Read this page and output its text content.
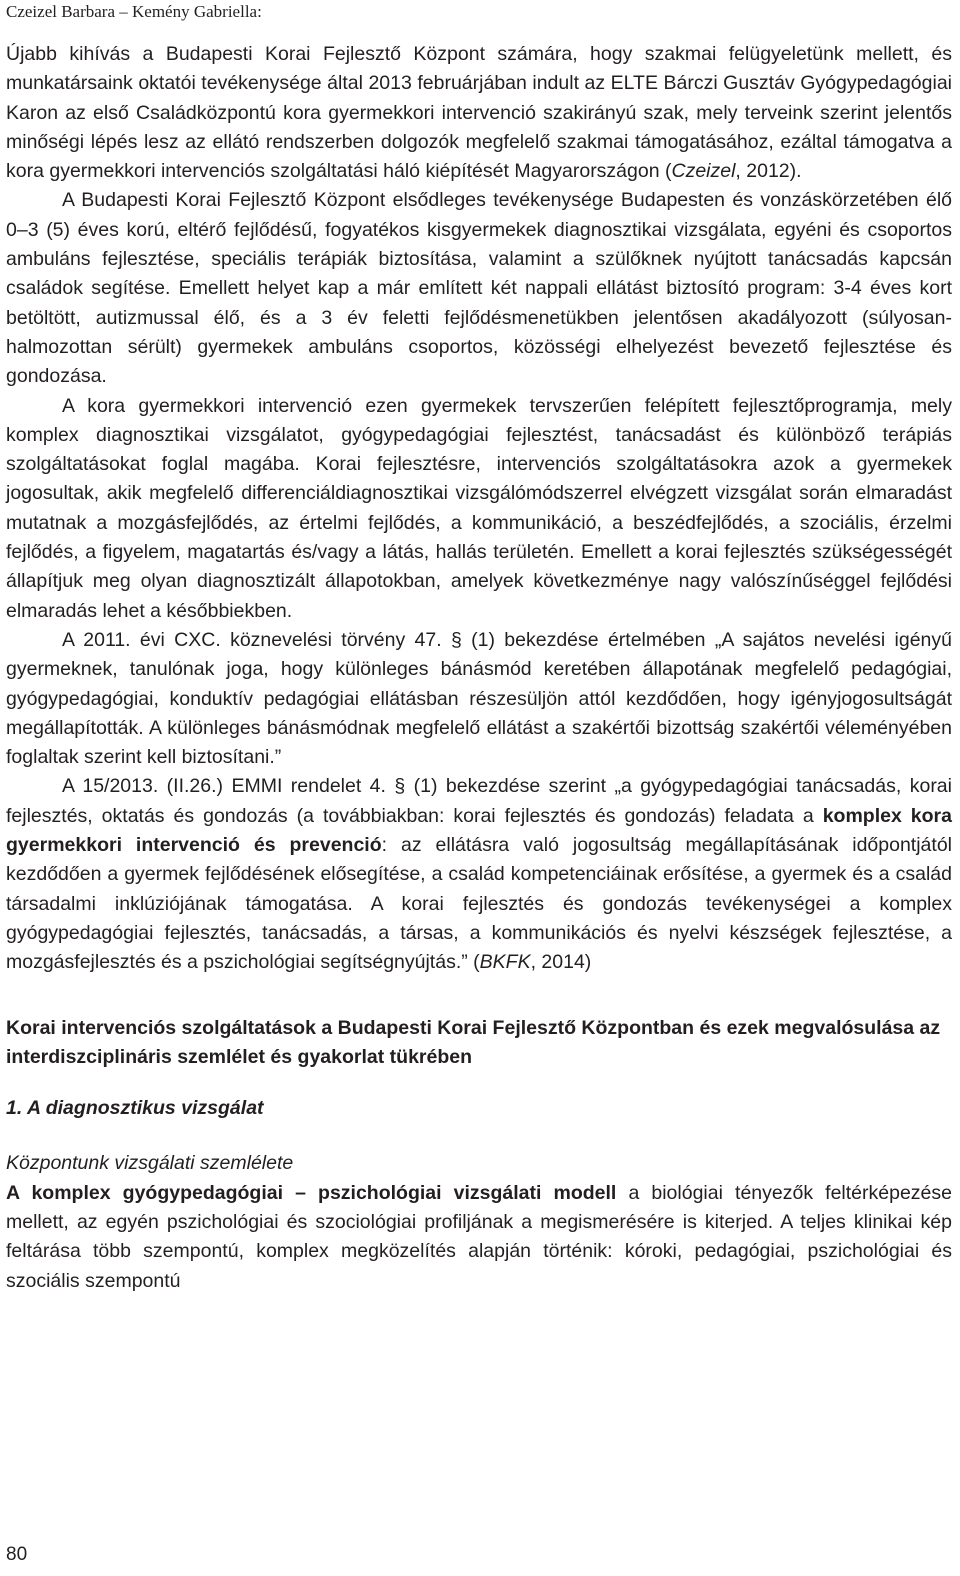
Czeizel Barbara – Kemény Gabriella:

Újabb kihívás a Budapesti Korai Fejlesztő Központ számára, hogy szakmai felügyeletünk mellett, és munkatársaink oktatói tevékenysége által 2013 februárjában indult az ELTE Bárczi Gusztáv Gyógypedagógiai Karon az első Családközpontú kora gyermekkori intervenció szakirányú szak, mely terveink szerint jelentős minőségi lépés lesz az ellátó rendszerben dolgozók megfelelő szakmai támogatásához, ezáltal támogatva a kora gyermekkori intervenciós szolgáltatási háló kiépítését Magyarországon (Czeizel, 2012).

A Budapesti Korai Fejlesztő Központ elsődleges tevékenysége Budapesten és vonzáskörzetében élő 0–3 (5) éves korú, eltérő fejlődésű, fogyatékos kisgyermekek diagnosztikai vizsgálata, egyéni és csoportos ambuláns fejlesztése, speciális terápiák biztosítása, valamint a szülőknek nyújtott tanácsadás kapcsán családok segítése. Emellett helyet kap a már említett két nappali ellátást biztosító program: 3-4 éves kort betöltött, autizmussal élő, és a 3 év feletti fejlődésmenetükben jelentősen akadályozott (súlyosan-halmozottan sérült) gyermekek ambuláns csoportos, közösségi elhelyezést bevezető fejlesztése és gondozása.

A kora gyermekkori intervenció ezen gyermekek tervszerűen felépített fejlesztőprogramja, mely komplex diagnosztikai vizsgálatot, gyógypedagógiai fejlesztést, tanácsadást és különböző terápiás szolgáltatásokat foglal magába. Korai fejlesztésre, intervenciós szolgáltatásokra azok a gyermekek jogosultak, akik megfelelő differenciáldiagnosztikai vizsgálómódszerrel elvégzett vizsgálat során elmaradást mutatnak a mozgásfejlődés, az értelmi fejlődés, a kommunikáció, a beszédfejlődés, a szociális, érzelmi fejlődés, a figyelem, magatartás és/vagy a látás, hallás területén. Emellett a korai fejlesztés szükségességét állapítjuk meg olyan diagnosztizált állapotokban, amelyek következménye nagy valószínűséggel fejlődési elmaradás lehet a későbbiekben.

A 2011. évi CXC. köznevelési törvény 47. § (1) bekezdése értelmében „A sajátos nevelési igényű gyermeknek, tanulónak joga, hogy különleges bánásmód keretében állapotának megfelelő pedagógiai, gyógypedagógiai, konduktív pedagógiai ellátásban részesüljön attól kezdődően, hogy igényjogosultságát megállapították. A különleges bánásmódnak megfelelő ellátást a szakértői bizottság szakértői véleményében foglaltak szerint kell biztosítani.”

A 15/2013. (II.26.) EMMI rendelet 4. § (1) bekezdése szerint „a gyógypedagógiai tanácsadás, korai fejlesztés, oktatás és gondozás (a továbbiakban: korai fejlesztés és gondozás) feladata a komplex kora gyermekkori intervenció és prevenció: az ellátásra való jogosultság megállapításának időpontjától kezdődően a gyermek fejlődésének elősegítése, a család kompetenciáinak erősítése, a gyermek és a család társadalmi inklúziójának támogatása. A korai fejlesztés és gondozás tevékenységei a komplex gyógypedagógiai fejlesztés, tanácsadás, a társas, a kommunikációs és nyelvi készségek fejlesztése, a mozgásfejlesztés és a pszichológiai segítségnyújtás.” (BKFK, 2014)

Korai intervenciós szolgáltatások a Budapesti Korai Fejlesztő Központban és ezek megvalósulása az interdiszciplináris szemlélet és gyakorlat tükrében

1. A diagnosztikus vizsgálat

Központunk vizsgálati szemlélete

A komplex gyógypedagógiai – pszichológiai vizsgálati modell a biológiai tényezők feltérképezése mellett, az egyén pszichológiai és szociológiai profiljának a megismerésére is kiterjed. A teljes klinikai kép feltárása több szempontú, komplex megközelítés alapján történik: kóroki, pedagógiai, pszichológiai és szociális szempontú

80
